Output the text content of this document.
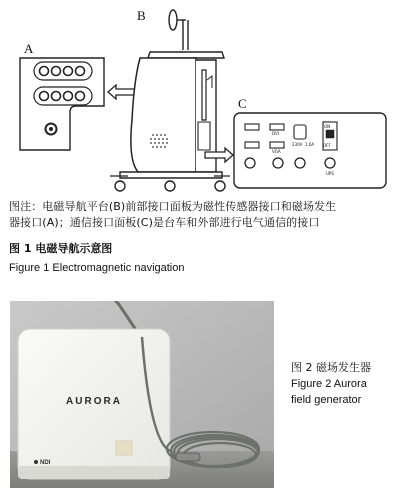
A
B
DVI
230V 1.6A
ON
OFF
VGA
UPS
C
图注：电磁导航平台(B)前部接口面板为磁性传感器接口和磁场发生
器接口(A)；通信接口面板(C)是台车和外部进行电气通信的接口
图 1 电磁导航示意图
Figure 1 Electromagnetic navigation
AURORA
NDI
图 2 磁场发生器
Figure 2 Aurora
field generator
